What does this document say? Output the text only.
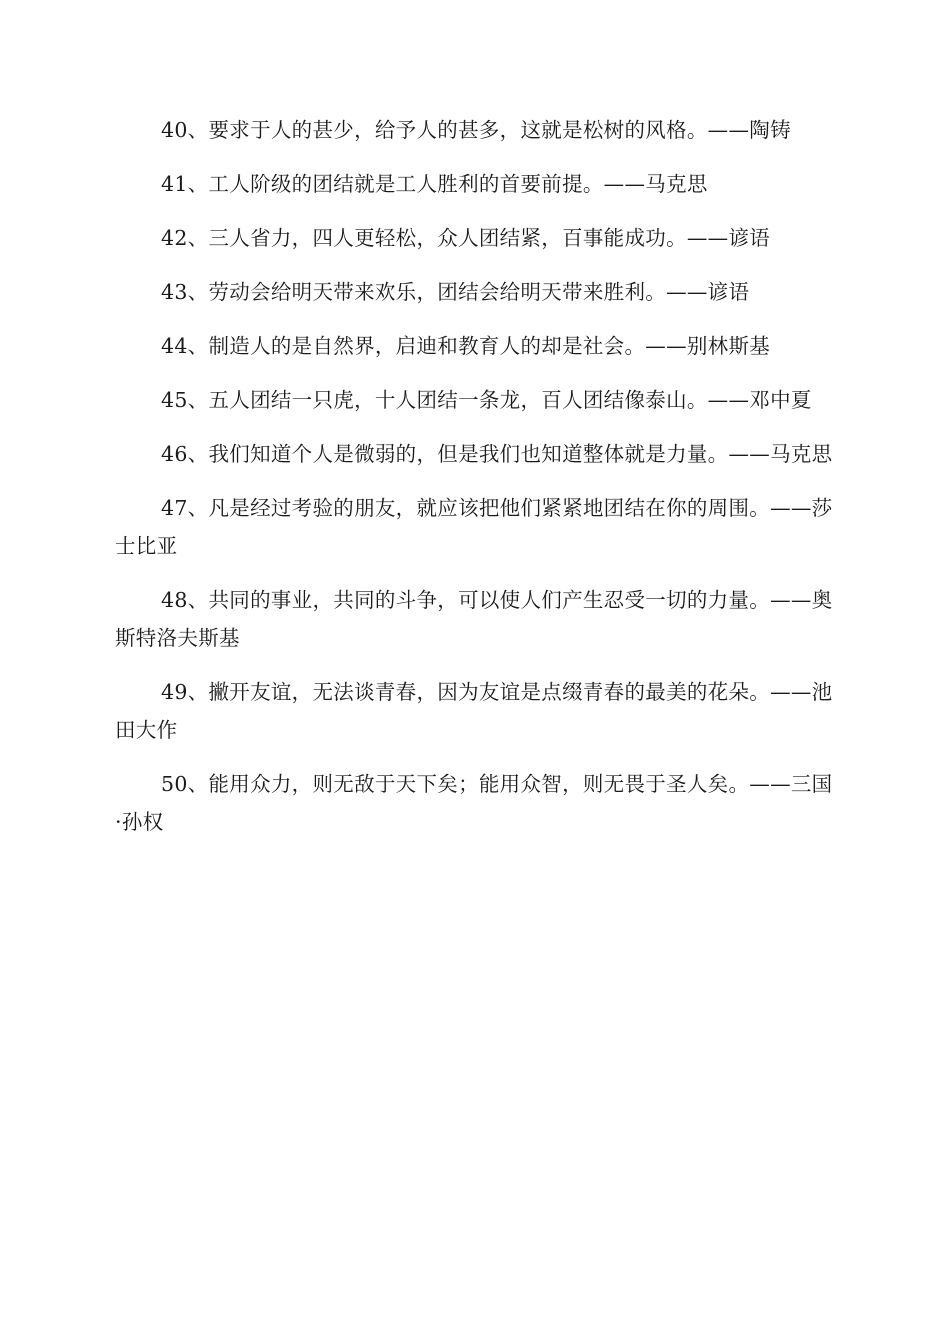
40、要求于人的甚少，给予人的甚多，这就是松树的风格。——陶铸

41、工人阶级的团结就是工人胜利的首要前提。——马克思

42、三人省力，四人更轻松，众人团结紧，百事能成功。——谚语

43、劳动会给明天带来欢乐，团结会给明天带来胜利。——谚语

44、制造人的是自然界，启迪和教育人的却是社会。——别林斯基

45、五人团结一只虎，十人团结一条龙，百人团结像泰山。——邓中夏

46、我们知道个人是微弱的，但是我们也知道整体就是力量。——马克思

47、凡是经过考验的朋友，就应该把他们紧紧地团结在你的周围。——莎士比亚

48、共同的事业，共同的斗争，可以使人们产生忍受一切的力量。——奥斯特洛夫斯基

49、撇开友谊，无法谈青春，因为友谊是点缀青春的最美的花朵。——池田大作

50、能用众力，则无敌于天下矣；能用众智，则无畏于圣人矣。——三国·孙权
